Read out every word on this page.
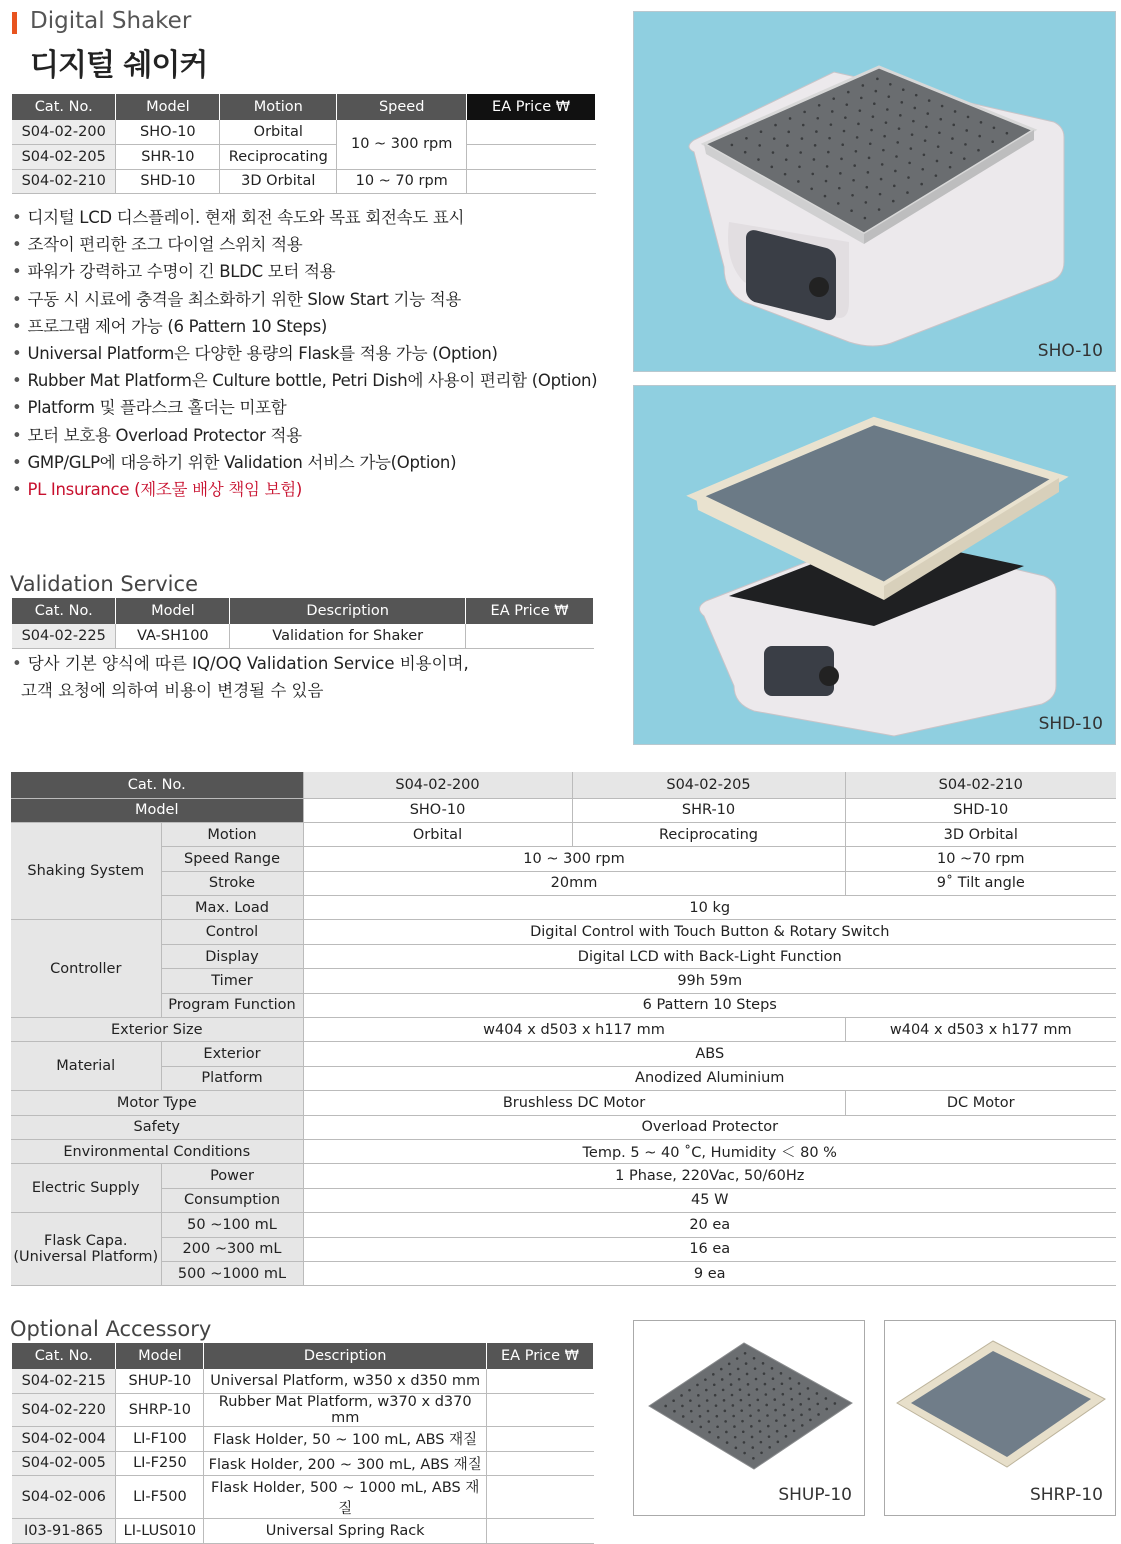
Digital Shaker
디지털 쉐이커
Cat. No.	Model	Motion	Speed	EA Price ₩
S04-02-200	SHO-10	Orbital	10 ~ 300 rpm	
S04-02-205	SHR-10	Reciprocating		
S04-02-210	SHD-10	3D Orbital	10 ~ 70 rpm	
• 디지털 LCD 디스플레이. 현재 회전 속도와 목표 회전속도 표시
• 조작이 편리한 조그 다이얼 스위치 적용
• 파워가 강력하고 수명이 긴 BLDC 모터 적용
• 구동 시 시료에 충격을 최소화하기 위한 Slow Start 기능 적용
• 프로그램 제어 가능 (6 Pattern 10 Steps)
• Universal Platform은 다양한 용량의 Flask를 적용 가능 (Option)
• Rubber Mat Platform은 Culture bottle, Petri Dish에 사용이 편리함 (Option)
• Platform 및 플라스크 홀더는 미포함
• 모터 보호용 Overload Protector 적용
• GMP/GLP에 대응하기 위한 Validation 서비스 가능(Option)
• PL Insurance (제조물 배상 책임 보험)
Validation Service
Cat. No.	Model	Description	EA Price ₩
S04-02-225	VA-SH100	Validation for Shaker	
• 당사 기본 양식에 따른 IQ/OQ Validation Service 비용이며,
고객 요청에 의하여 비용이 변경될 수 있음
SHO-10
SHD-10
Cat. No.		S04-02-200	S04-02-205	S04-02-210
Model		SHO-10	SHR-10	SHD-10
Shaking System	Motion	Orbital	Reciprocating	3D Orbital
	Speed Range	10 ~ 300 rpm		10 ~70 rpm
	Stroke	20mm		9˚ Tilt angle
	Max. Load	10 kg		
Controller	Control	Digital Control with Touch Button & Rotary Switch		
	Display	Digital LCD with Back-Light Function		
	Timer	99h 59m		
	Program Function	6 Pattern 10 Steps		
Exterior Size		w404 x d503 x h117 mm		w404 x d503 x h177 mm
Material	Exterior	ABS		
	Platform	Anodized Aluminium		
Motor Type		Brushless DC Motor		DC Motor
Safety		Overload Protector		
Environmental Conditions		Temp. 5 ~ 40 ˚C, Humidity ＜ 80 %		
Electric Supply	Power	1 Phase, 220Vac, 50/60Hz		
	Consumption	45 W		

Flask Capa.
(Universal Platform)	50 ~100 mL	20 ea		
	200 ~300 mL	16 ea		
	500 ~1000 mL	9 ea		
Optional Accessory
Cat. No.	Model	Description	EA Price ₩
S04-02-215	SHUP-10	Universal Platform, w350 x d350 mm	
S04-02-220	SHRP-10	Rubber Mat Platform, w370 x d370 mm	
S04-02-004	LI-F100	Flask Holder, 50 ~ 100 mL, ABS 재질	
S04-02-005	LI-F250	Flask Holder, 200 ~ 300 mL, ABS 재질	
S04-02-006	LI-F500	Flask Holder, 500 ~ 1000 mL, ABS 재질	
I03-91-865	LI-LUS010	Universal Spring Rack	
SHUP-10	SHRP-10
